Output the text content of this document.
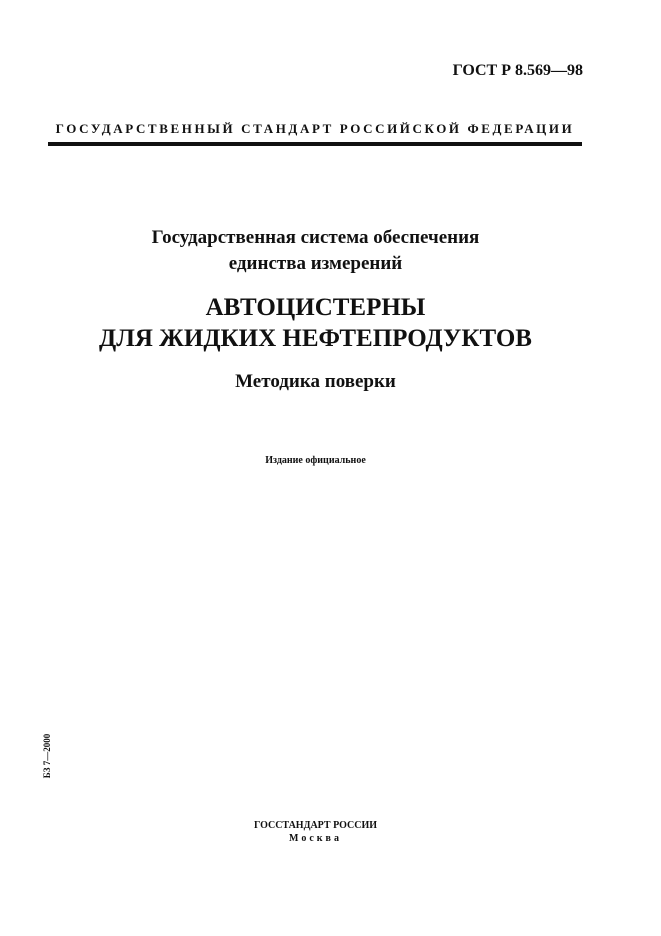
ГОСТ Р 8.569—98
ГОСУДАРСТВЕННЫЙ СТАНДАРТ РОССИЙСКОЙ ФЕДЕРАЦИИ
Государственная система обеспечения
единства измерений
АВТОЦИСТЕРНЫ
ДЛЯ ЖИДКИХ НЕФТЕПРОДУКТОВ
Методика поверки
Издание официальное
БЗ 7—2000
ГОССТАНДАРТ РОССИИ
Москва
